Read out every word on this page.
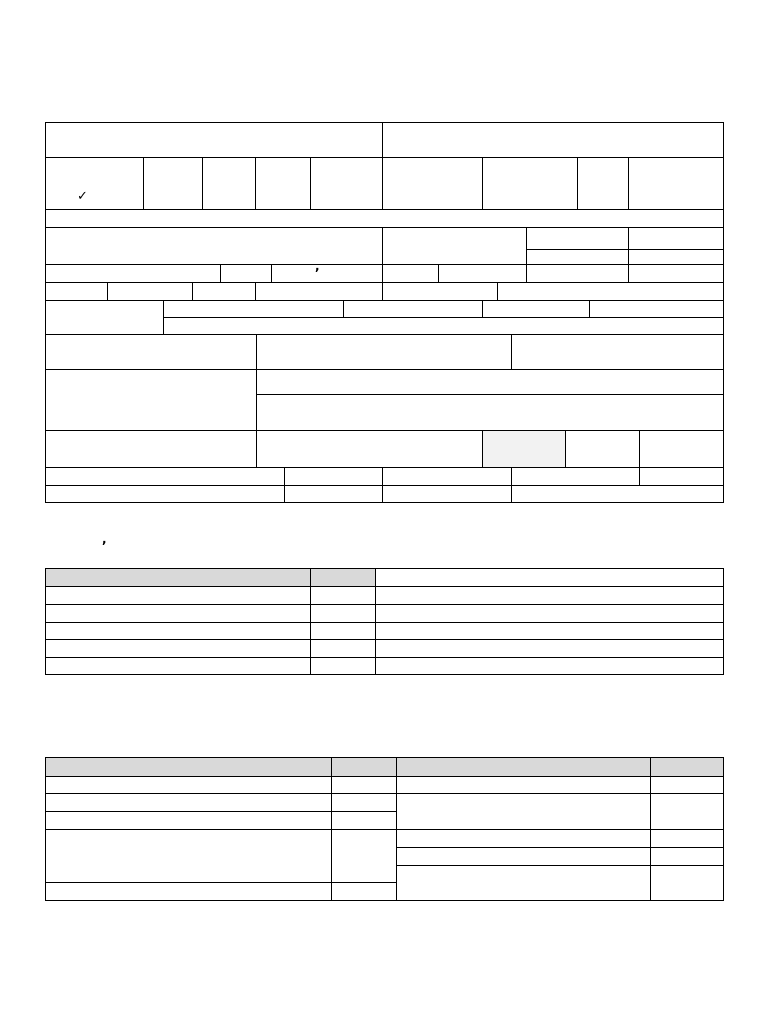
✓
,
,
